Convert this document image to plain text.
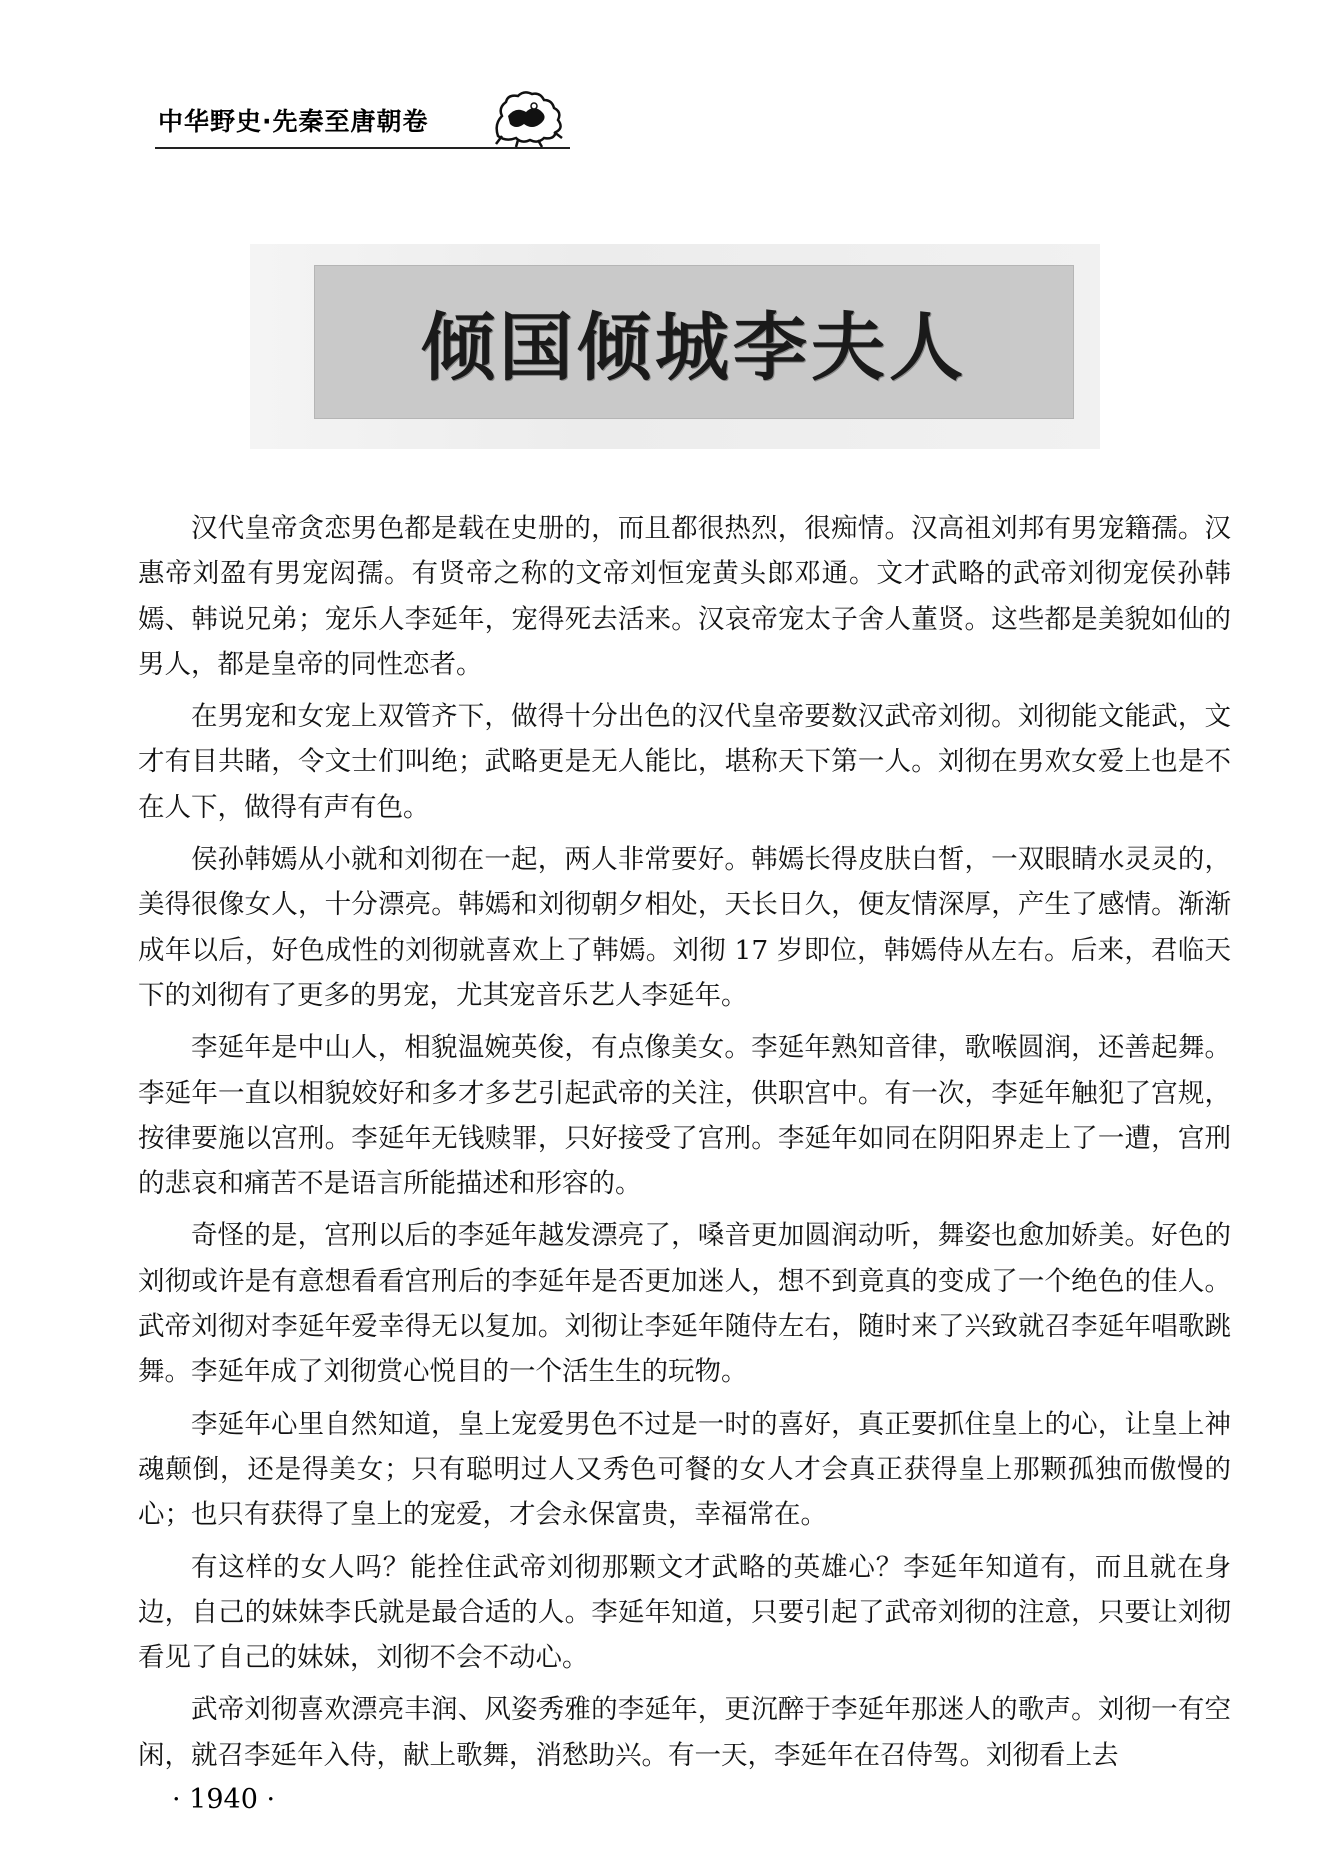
中华野史·先秦至唐朝卷
倾国倾城李夫人

汉代皇帝贪恋男色都是载在史册的，而且都很热烈，很痴情。汉高祖刘邦有男宠籍孺。汉惠帝刘盈有男宠闳孺。有贤帝之称的文帝刘恒宠黄头郎邓通。文才武略的武帝刘彻宠侯孙韩嫣、韩说兄弟；宠乐人李延年，宠得死去活来。汉哀帝宠太子舍人董贤。这些都是美貌如仙的男人，都是皇帝的同性恋者。

在男宠和女宠上双管齐下，做得十分出色的汉代皇帝要数汉武帝刘彻。刘彻能文能武，文才有目共睹，令文士们叫绝；武略更是无人能比，堪称天下第一人。刘彻在男欢女爱上也是不在人下，做得有声有色。

侯孙韩嫣从小就和刘彻在一起，两人非常要好。韩嫣长得皮肤白皙，一双眼睛水灵灵的，美得很像女人，十分漂亮。韩嫣和刘彻朝夕相处，天长日久，便友情深厚，产生了感情。渐渐成年以后，好色成性的刘彻就喜欢上了韩嫣。刘彻 17 岁即位，韩嫣侍从左右。后来，君临天下的刘彻有了更多的男宠，尤其宠音乐艺人李延年。

李延年是中山人，相貌温婉英俊，有点像美女。李延年熟知音律，歌喉圆润，还善起舞。李延年一直以相貌姣好和多才多艺引起武帝的关注，供职宫中。有一次，李延年触犯了宫规，按律要施以宫刑。李延年无钱赎罪，只好接受了宫刑。李延年如同在阴阳界走上了一遭，宫刑的悲哀和痛苦不是语言所能描述和形容的。

奇怪的是，宫刑以后的李延年越发漂亮了，嗓音更加圆润动听，舞姿也愈加娇美。好色的刘彻或许是有意想看看宫刑后的李延年是否更加迷人，想不到竟真的变成了一个绝色的佳人。武帝刘彻对李延年爱幸得无以复加。刘彻让李延年随侍左右，随时来了兴致就召李延年唱歌跳舞。李延年成了刘彻赏心悦目的一个活生生的玩物。

李延年心里自然知道，皇上宠爱男色不过是一时的喜好，真正要抓住皇上的心，让皇上神魂颠倒，还是得美女；只有聪明过人又秀色可餐的女人才会真正获得皇上那颗孤独而傲慢的心；也只有获得了皇上的宠爱，才会永保富贵，幸福常在。

有这样的女人吗？能拴住武帝刘彻那颗文才武略的英雄心？李延年知道有，而且就在身边，自己的妹妹李氏就是最合适的人。李延年知道，只要引起了武帝刘彻的注意，只要让刘彻看见了自己的妹妹，刘彻不会不动心。

武帝刘彻喜欢漂亮丰润、风姿秀雅的李延年，更沉醉于李延年那迷人的歌声。刘彻一有空闲，就召李延年入侍，献上歌舞，消愁助兴。有一天，李延年在召侍驾。刘彻看上去

· 1940 ·
